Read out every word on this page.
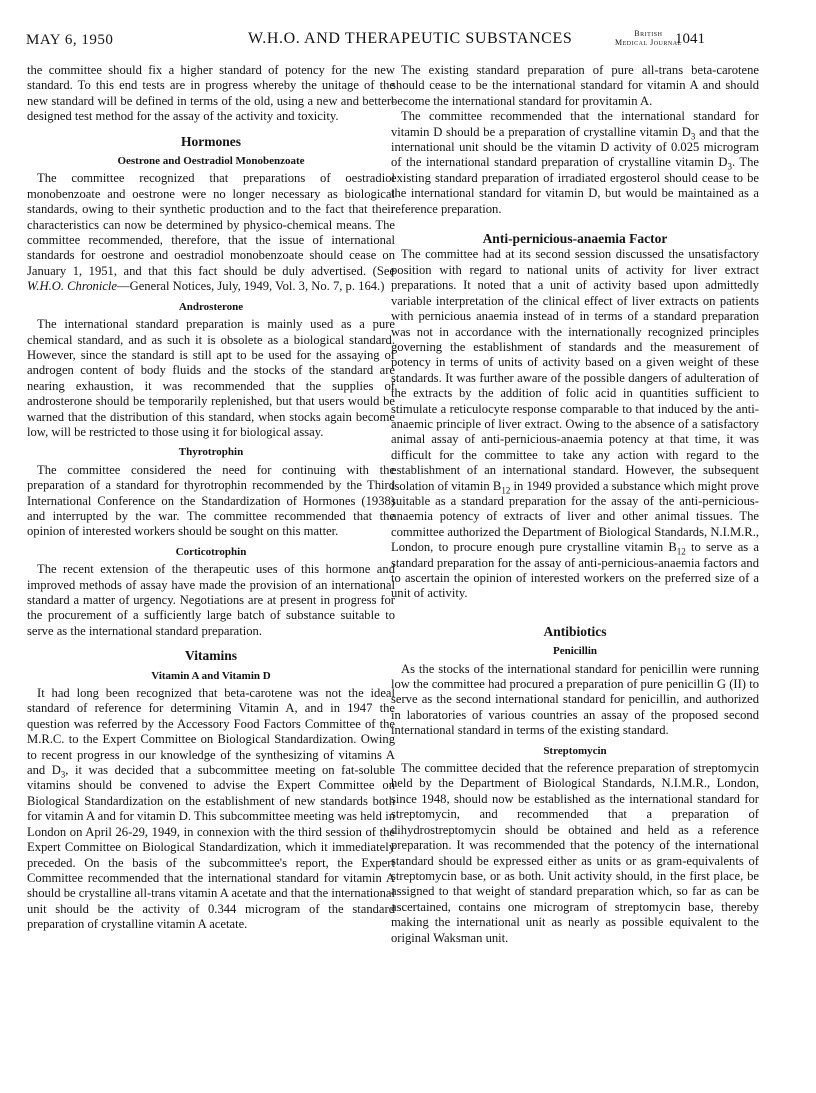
MAY 6, 1950	W.H.O. AND THERAPEUTIC SUBSTANCES	British
Medical Journal
1041

the committee should fix a higher standard of potency for the new standard. To this end tests are in progress whereby the unitage of the new standard will be defined in terms of the old, using a new and better-designed test method for the assay of the activity and toxicity.

Hormones
Oestrone and Oestradiol Monobenzoate

The committee recognized that preparations of oestradiol monobenzoate and oestrone were no longer necessary as biological standards, owing to their synthetic production and to the fact that their characteristics can now be determined by physico-chemical means. The committee recommended, therefore, that the issue of international standards for oestrone and oestradiol monobenzoate should cease on January 1, 1951, and that this fact should be duly advertised. (See W.H.O. Chronicle—General Notices, July, 1949, Vol. 3, No. 7, p. 164.)

Androsterone

The international standard preparation is mainly used as a pure chemical standard, and as such it is obsolete as a biological standard. However, since the standard is still apt to be used for the assaying of androgen content of body fluids and the stocks of the standard are nearing exhaustion, it was recommended that the supplies of androsterone should be temporarily replenished, but that users would be warned that the distribution of this standard, when stocks again become low, will be restricted to those using it for biological assay.

Thyrotrophin

The committee considered the need for continuing with the preparation of a standard for thyrotrophin recommended by the Third International Conference on the Standardization of Hormones (1938) and interrupted by the war. The committee recommended that the opinion of interested workers should be sought on this matter.

Corticotrophin

The recent extension of the therapeutic uses of this hormone and improved methods of assay have made the provision of an international standard a matter of urgency. Negotiations are at present in progress for the procurement of a sufficiently large batch of substance suitable to serve as the international standard preparation.

Vitamins
Vitamin A and Vitamin D

It had long been recognized that beta-carotene was not the ideal standard of reference for determining Vitamin A, and in 1947 the question was referred by the Accessory Food Factors Committee of the M.R.C. to the Expert Committee on Biological Standardization. Owing to recent progress in our knowledge of the synthesizing of vitamins A and $D_3$, it was decided that a subcommittee meeting on fat-soluble vitamins should be convened to advise the Expert Committee on Biological Standardization on the establishment of new standards both for vitamin A and for vitamin D. This subcommittee meeting was held in London on April 26-29, 1949, in connexion with the third session of the Expert Committee on Biological Standardization, which it immediately preceded. On the basis of the subcommittee's report, the Expert Committee recommended that the international standard for vitamin A should be crystalline all-trans vitamin A acetate and that the international unit should be the activity of 0.344 microgram of the standard preparation of crystalline vitamin A acetate.

The existing standard preparation of pure all-trans beta-carotene should cease to be the international standard for vitamin A and should become the international standard for provitamin A.

The committee recommended that the international standard for vitamin D should be a preparation of crystalline vitamin $D_3$ and that the international unit should be the vitamin D activity of 0.025 microgram of the international standard preparation of crystalline vitamin $D_3$. The existing standard preparation of irradiated ergosterol should cease to be the international standard for vitamin D, but would be maintained as a reference preparation.

Anti-pernicious-anaemia Factor

The committee had at its second session discussed the unsatisfactory position with regard to national units of activity for liver extract preparations. It noted that a unit of activity based upon admittedly variable interpretation of the clinical effect of liver extracts on patients with pernicious anaemia instead of in terms of a standard preparation was not in accordance with the internationally recognized principles governing the establishment of standards and the measurement of potency in terms of units of activity based on a given weight of these standards. It was further aware of the possible dangers of adulteration of the extracts by the addition of folic acid in quantities sufficient to stimulate a reticulocyte response comparable to that induced by the anti-anaemic principle of liver extract. Owing to the absence of a satisfactory animal assay of anti-pernicious-anaemia potency at that time, it was difficult for the committee to take any action with regard to the establishment of an international standard. However, the subsequent isolation of vitamin $B_{12}$ in 1949 provided a substance which might prove suitable as a standard preparation for the assay of the anti-pernicious-anaemia potency of extracts of liver and other animal tissues. The committee authorized the Department of Biological Standards, N.I.M.R., London, to procure enough pure crystalline vitamin $B_{12}$ to serve as a standard preparation for the assay of anti-pernicious-anaemia factors and to ascertain the opinion of interested workers on the preferred size of a unit of activity.

Antibiotics
Penicillin

As the stocks of the international standard for penicillin were running low the committee had procured a preparation of pure penicillin G (II) to serve as the second international standard for penicillin, and authorized in laboratories of various countries an assay of the proposed second international standard in terms of the existing standard.

Streptomycin

The committee decided that the reference preparation of streptomycin held by the Department of Biological Standards, N.I.M.R., London, since 1948, should now be established as the international standard for streptomycin, and recommended that a preparation of dihydrostreptomycin should be obtained and held as a reference preparation. It was recommended that the potency of the international standard should be expressed either as units or as gram-equivalents of streptomycin base, or as both. Unit activity should, in the first place, be assigned to that weight of standard preparation which, so far as can be ascertained, contains one microgram of streptomycin base, thereby making the international unit as nearly as possible equivalent to the original Waksman unit.
